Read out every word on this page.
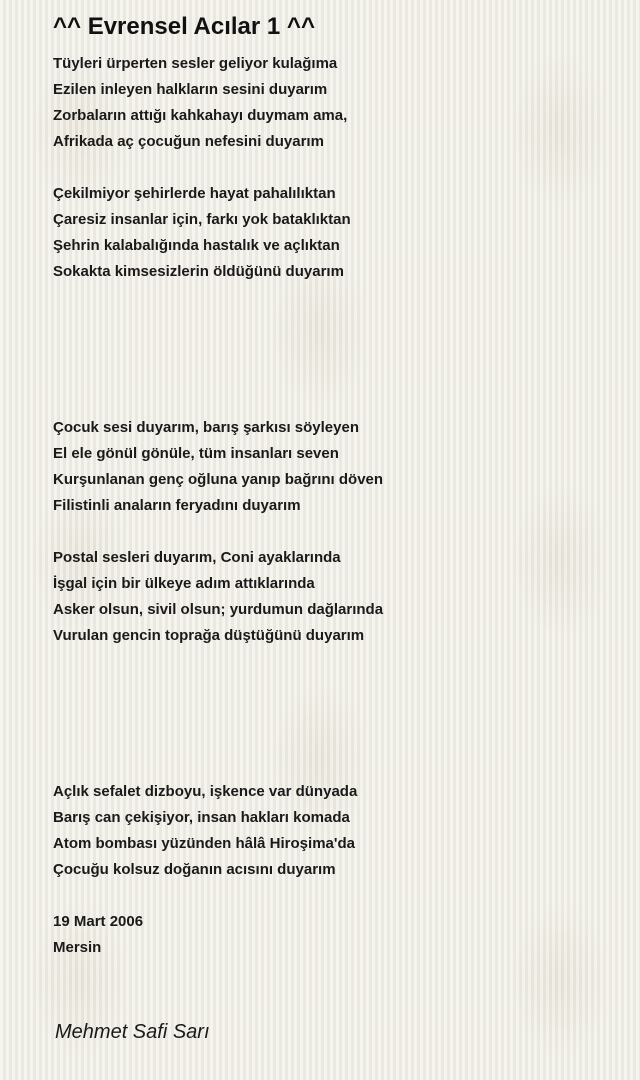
^^ Evrensel Acılar 1 ^^
Tüyleri ürperten sesler geliyor kulağıma
Ezilen inleyen halkların sesini duyarım
Zorbaların attığı kahkahayı duymam ama,
Afrikada aç çocuğun nefesini duyarım
Çekilmiyor şehirlerde hayat pahalılıktan
Çaresiz insanlar için, farkı yok bataklıktan
Şehrin kalabalığında hastalık ve açlıktan
Sokakta kimsesizlerin öldüğünü duyarım
Çocuk sesi duyarım, barış şarkısı söyleyen
El ele gönül gönüle, tüm insanları seven
Kurşunlanan genç oğluna yanıp bağrını döven
Filistinli anaların feryadını duyarım
Postal sesleri duyarım, Coni ayaklarında
İşgal için bir ülkeye adım attıklarında
Asker olsun, sivil olsun; yurdumun dağlarında
Vurulan gencin toprağa düştüğünü duyarım
Açlık sefalet dizboyu, işkence var dünyada
Barış can çekişiyor, insan hakları komada
Atom bombası yüzünden hâlâ Hiroşima'da
Çocuğu kolsuz doğanın acısını duyarım
19 Mart 2006
Mersin
Mehmet Safi Sarı
